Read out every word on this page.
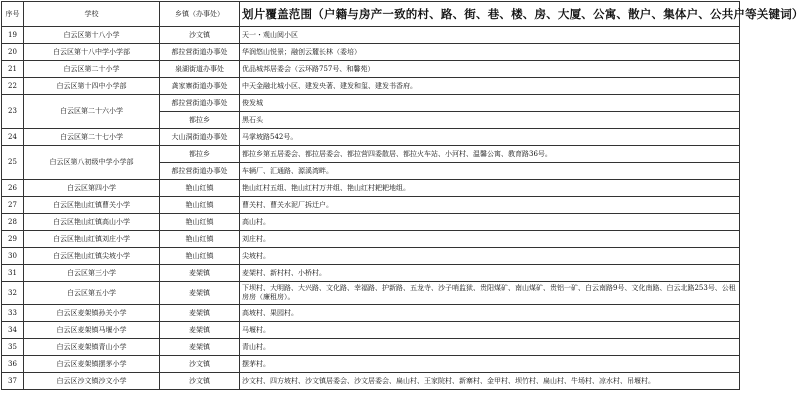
序号	学校	乡镇（办事处）	划片覆盖范围（户籍与房产一致的村、路、街、巷、楼、房、大厦、公寓、散户、集体户、公共户等关键词）
19	白云区第十八小学	沙文镇	天一・观山阅小区
20	白云区第十八中学小学部	都拉营街道办事处	华润悠山悦景；融创云麓长林（委培）
21	白云区第二十小学	泉湖街道办事处	优品城邦居委会（云环路757号、和馨苑）
22	白云区第十四中小学部	龚家寨街道办事处	中天金融北城小区、建发央著、建发和玺、建发书香府。
23	白云区第二十六小学	都拉营街道办事处	俊发城
		都拉乡	黑石头
24	白云区第二十七小学	大山洞街道办事处	马掌坡路542号。
25	白云区第八初级中学小学部	都拉乡	都拉乡第五居委会、都拉居委会、都拉营四委散居、都拉火车站、小河村、温馨公寓、教育路36号。
		都拉营街道办事处	车辆厂、汇通路、源溪湾畔。
26	白云区第四小学	艳山红镇	艳山红村五组、艳山红村万井组、艳山红村耙耙地组。
27	白云区艳山红镇曹关小学	艳山红镇	曹关村、曹关水泥厂拆迁户。
28	白云区艳山红镇高山小学	艳山红镇	高山村。
29	白云区艳山红镇刘庄小学	艳山红镇	刘庄村。
30	白云区艳山红镇尖坡小学	艳山红镇	尖坡村。
31	白云区第三小学	麦架镇	麦架村、新村村、小桥村。
32	白云区第五小学	麦架镇	下坝村、大明路、大兴路、文化路、幸福路、护新路、五龙寺、沙子哨监狱、贵阳煤矿、南山煤矿、贵铝一矿、白云南路9号、文化南路、白云北路253号、公租房房（廉租房）。
33	白云区麦架镇孙关小学	麦架镇	高坡村、果园村。
34	白云区麦架镇马堰小学	麦架镇	马堰村。
35	白云区麦架镇青山小学	麦架镇	青山村。
36	白云区麦架镇摆茅小学	沙文镇	摆茅村。
37	白云区沙文镇沙文小学	沙文镇	沙文村、四方坡村、沙文镇居委会、沙文居委会、扁山村、王家院村、新寨村、金甲村、坝竹村、扁山村、牛场村、凉水村、吊堰村。
